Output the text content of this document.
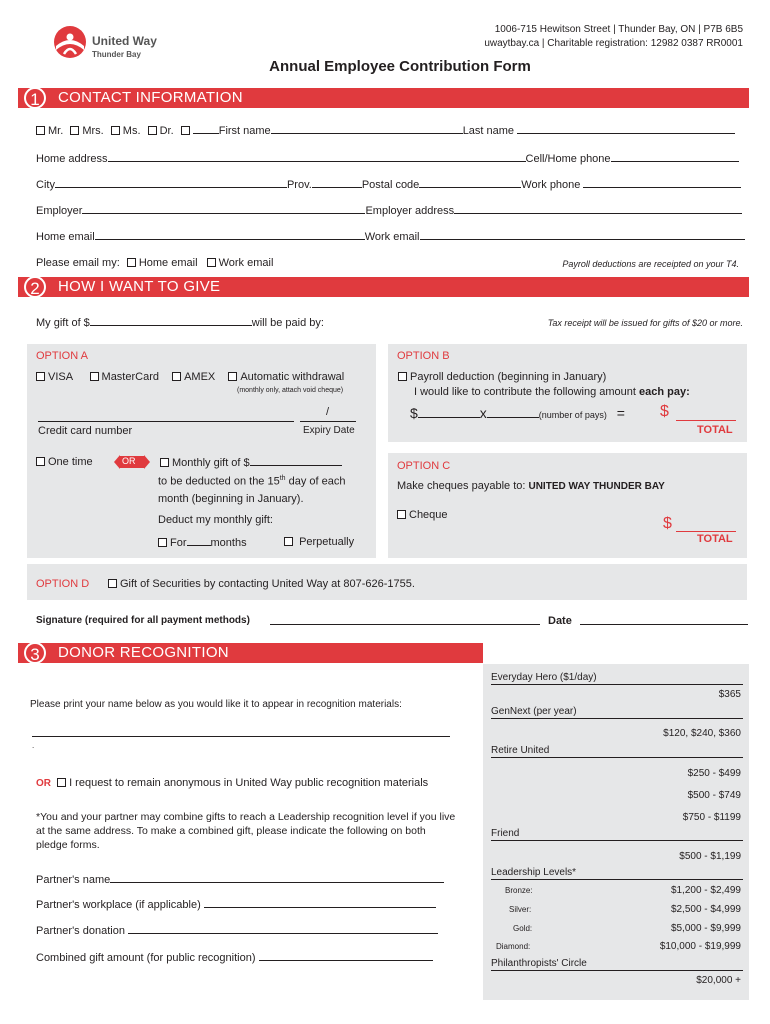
United Way
Thunder Bay
1006-715 Hewitson Street | Thunder Bay, ON | P7B 6B5
uwaytbay.ca | Charitable registration: 12982 0387 RR0001
Annual Employee Contribution Form
1	CONTACT INFORMATION
Mr. Mrs. Ms. Dr.	First name	Last name
Home address	Cell/Home phone
City	Prov.	Postal code	Work phone
Employer	Employer address
Home email	Work email
Please email my: Home email Work email	Payroll deductions are receipted on your T4.
2	HOW I WANT TO GIVE
My gift of $	will be paid by:	Tax receipt will be issued for gifts of $20 or more.
OPTION A
VISA	MasterCard AMEX Automatic withdrawal
(monthly only, attach void cheque)
/
Credit card number	Expiry Date
One time	OR	Monthly gift of $
to be deducted on the 15th day of each
month (beginning in January).
Deduct my monthly gift:
For months	Perpetually
OPTION B
Payroll deduction (beginning in January)
I would like to contribute the following amount each pay:
$	x	(number of pays) = $
TOTAL
OPTION C
Make cheques payable to: UNITED WAY THUNDER BAY
Cheque	$
TOTAL
OPTION D	Gift of Securities by contacting United Way at 807-626-1755.
Signature (required for all payment methods)	Date
3	DONOR RECOGNITION
Please print your name below as you would like it to appear in recognition materials:
.
OR I request to remain anonymous in United Way public recognition materials
*You and your partner may combine gifts to reach a Leadership recognition level if you live at the same address. To make a combined gift, please indicate the following on both pledge forms.
Partner's name
Partner's workplace (if applicable)
Partner's donation
Combined gift amount (for public recognition)
Everyday Hero ($1/day)
$365
GenNext (per year)
$120, $240, $360
Retire United
$250 - $499
$500 - $749
$750 - $1199
Friend
$500 - $1,199
Leadership Levels*
Bronze:	$1,200 - $2,499
Silver:	$2,500 - $4,999
Gold:	$5,000 - $9,999
Diamond:	$10,000 - $19,999
Philanthropists' Circle
$20,000 +
